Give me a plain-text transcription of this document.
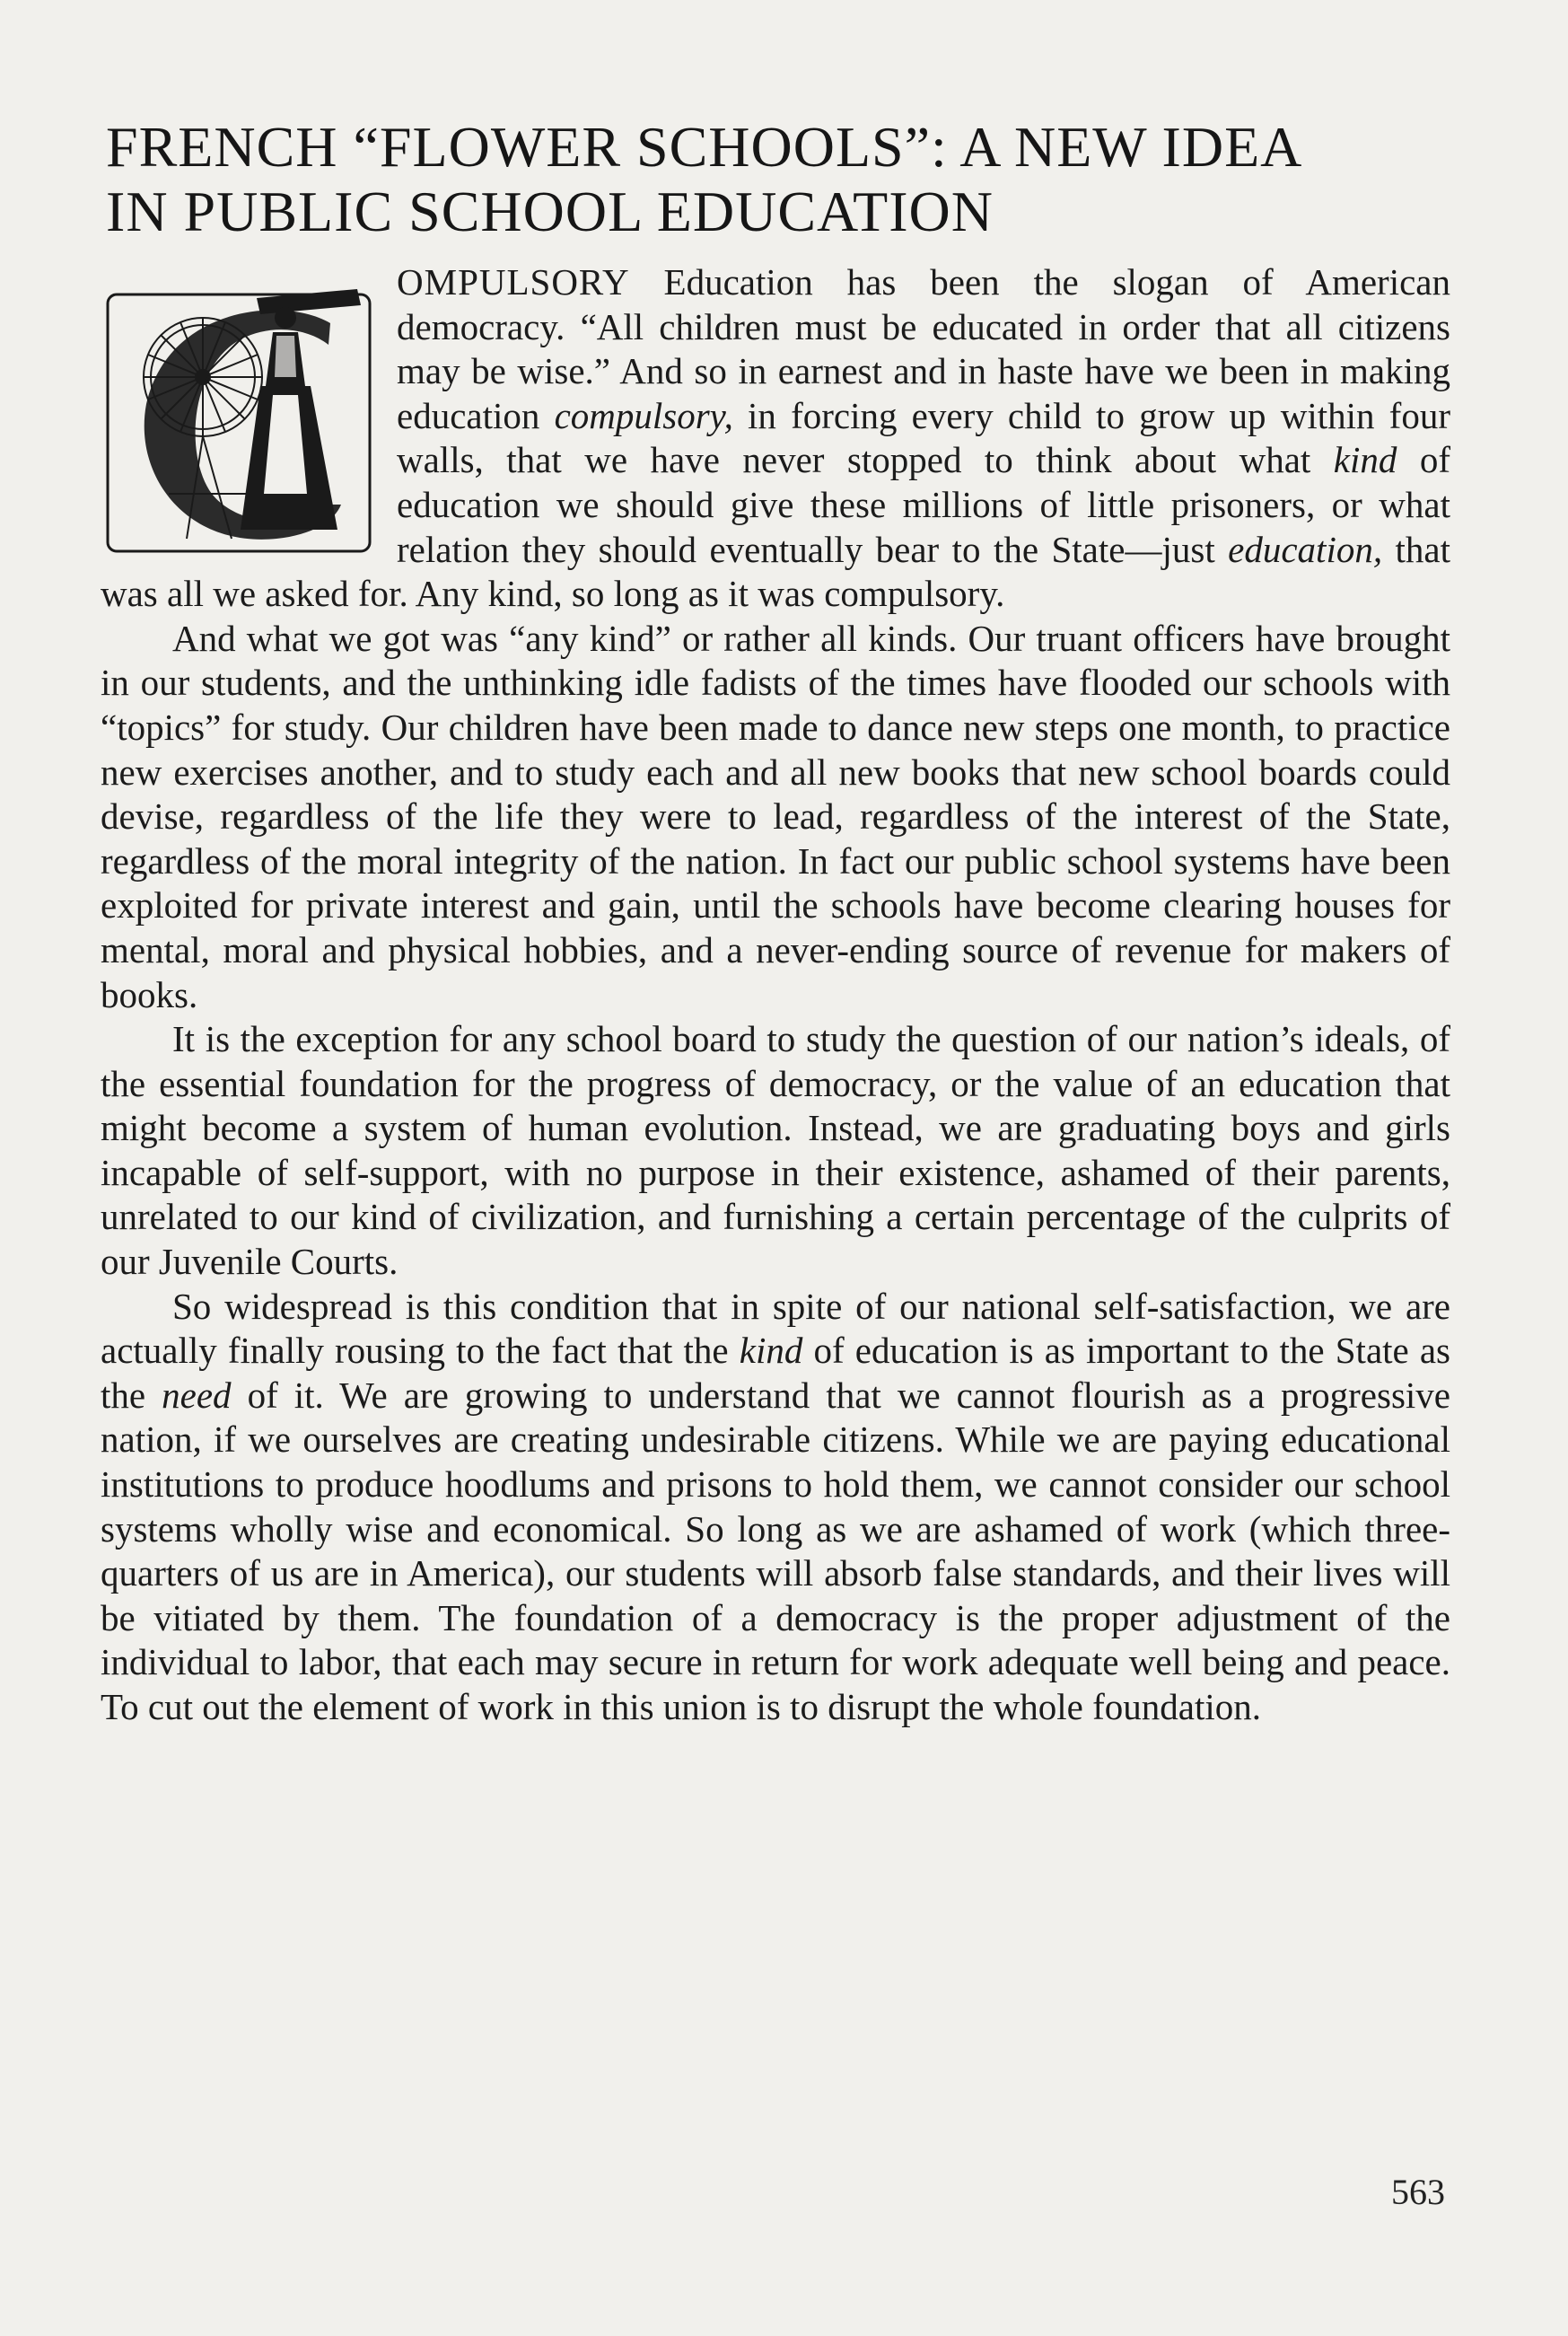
FRENCH “FLOWER SCHOOLS”: A NEW IDEA
IN PUBLIC SCHOOL EDUCATION

OMPULSORY Education has been the slogan of American democracy. “All children must be educated in order that all citizens may be wise.” And so in earnest and in haste have we been in making education compulsory, in forcing every child to grow up within four walls, that we have never stopped to think about what kind of education we should give these millions of little prisoners, or what relation they should eventually bear to the State—just education, that was all we asked for. Any kind, so long as it was compulsory.

And what we got was “any kind” or rather all kinds. Our truant officers have brought in our students, and the unthinking idle fadists of the times have flooded our schools with “topics” for study. Our children have been made to dance new steps one month, to practice new exercises another, and to study each and all new books that new school boards could devise, regardless of the life they were to lead, regardless of the interest of the State, regardless of the moral integrity of the nation. In fact our public school systems have been exploited for private interest and gain, until the schools have become clearing houses for mental, moral and physical hobbies, and a never-ending source of revenue for makers of books.

It is the exception for any school board to study the question of our nation’s ideals, of the essential foundation for the progress of democracy, or the value of an education that might become a system of human evolution. Instead, we are graduating boys and girls incapable of self-support, with no purpose in their existence, ashamed of their parents, unrelated to our kind of civilization, and furnishing a certain percentage of the culprits of our Juvenile Courts.

So widespread is this condition that in spite of our national self-satisfaction, we are actually finally rousing to the fact that the kind of education is as important to the State as the need of it. We are growing to understand that we cannot flourish as a progressive nation, if we ourselves are creating undesirable citizens. While we are paying educational institutions to produce hoodlums and prisons to hold them, we cannot consider our school systems wholly wise and economical. So long as we are ashamed of work (which three-quarters of us are in America), our students will absorb false standards, and their lives will be vitiated by them. The foundation of a democracy is the proper adjustment of the individual to labor, that each may secure in return for work adequate well being and peace. To cut out the element of work in this union is to disrupt the whole foundation.

563
